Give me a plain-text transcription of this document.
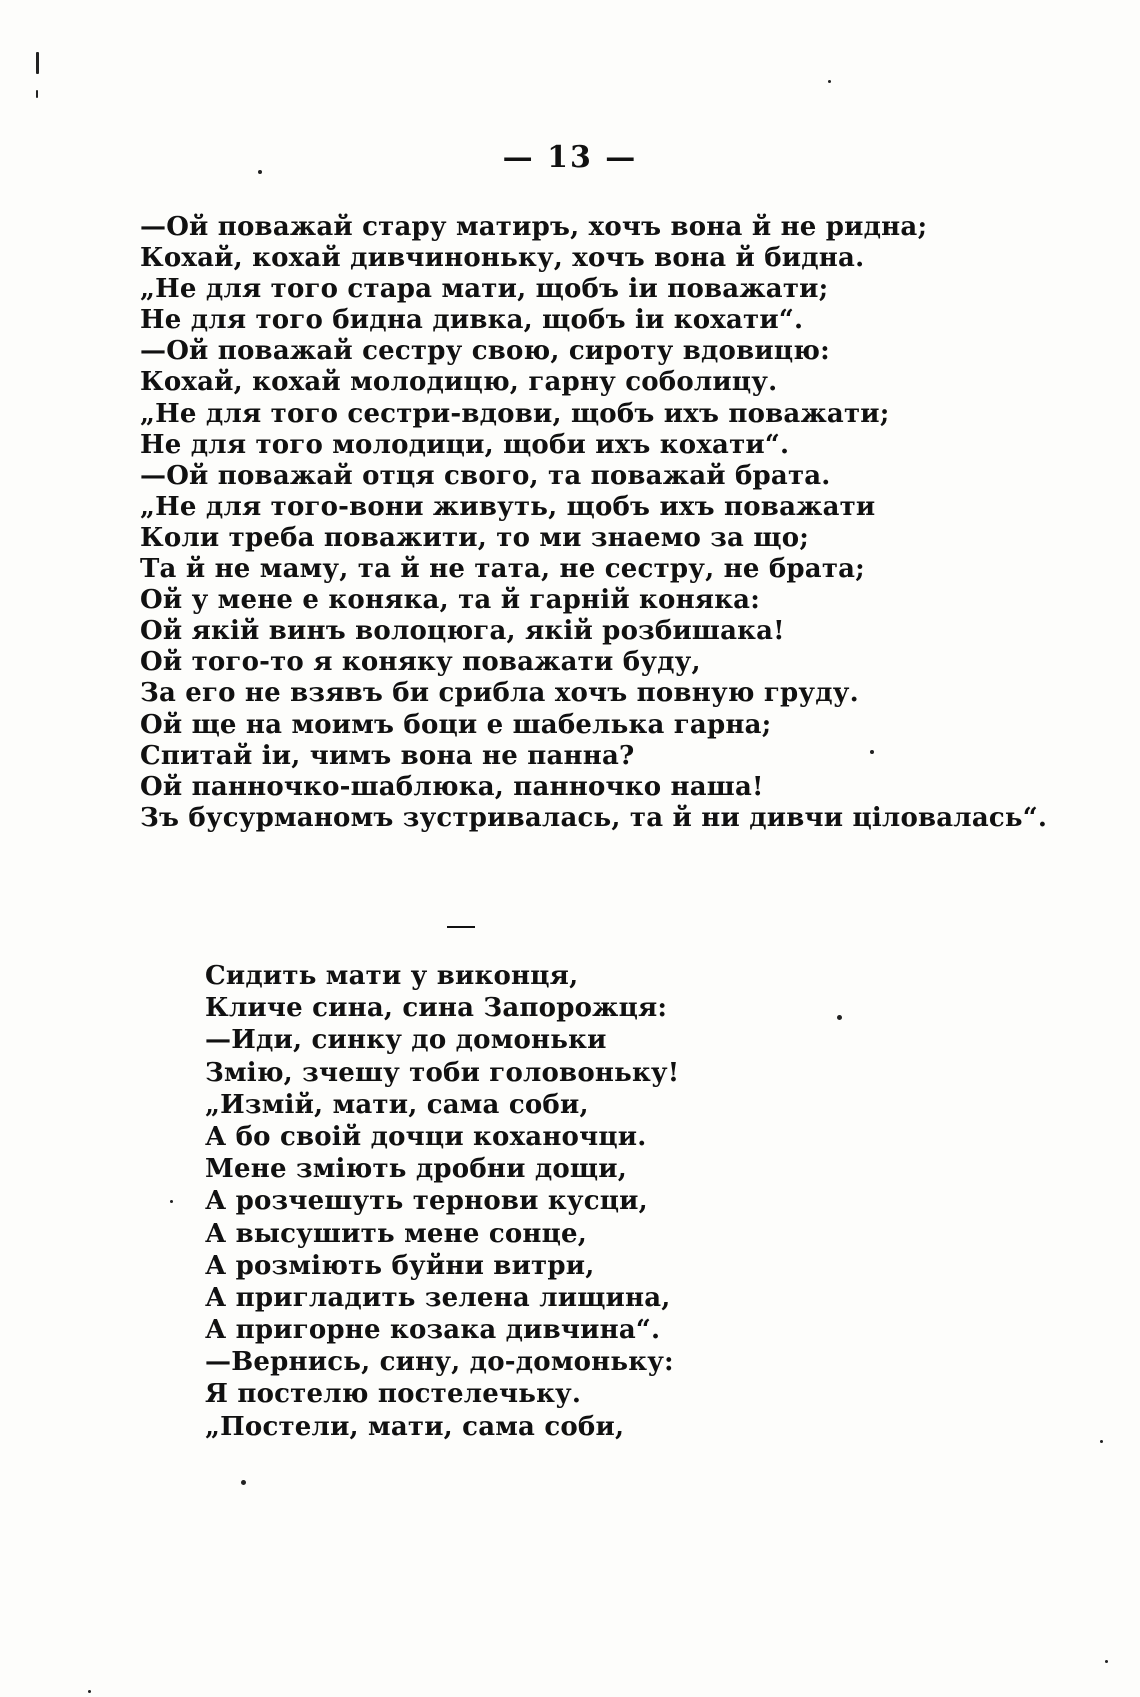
— 13 —
—Ой поважай стару матиръ, хочъ вона й не ридна;
Кохай, кохай дивчиноньку, хочъ вона й бидна.
„Не для того стара мати, щобъ іи поважати;
Не для того бидна дивка, щобъ іи кохати“.
—Ой поважай сестру свою, сироту вдовицю:
Кохай, кохай молодицю, гарну соболицу.
„Не для того сестри-вдови, щобъ ихъ поважати;
Не для того молодици, щоби ихъ кохати“.
—Ой поважай отця свого, та поважай брата.
„Не для того-вони живуть, щобъ ихъ поважати
Коли треба поважити, то ми знаемо за що;
Та й не маму, та й не тата, не сестру, не брата;
Ой у мене е коняка, та й гарній коняка:
Ой якій винъ волоцюга, якій розбишака!
Ой того-то я коняку поважати буду,
За его не взявъ би срибла хочъ повную груду.
Ой ще на моимъ боци е шабелька гарна;
Спитай іи, чимъ вона не панна?
Ой панночко-шаблюка, панночко наша!
Зъ бусурманомъ зустривалась, та й ни дивчи цiловалась“.
Сидить мати у виконця,
Кличе сина, сина Запорожця:
—Иди, синку до домоньки
Змію, зчешу тоби головоньку!
„Измій, мати, сама соби,
А бо своій дочци коханочци.
Мене зміють дробни дощи,
А розчешуть тернови кусци,
А высушить мене сонце,
А розміють буйни витри,
А пригладить зелена лищина,
А пригорне козака дивчина“.
—Вернись, сину, до-домоньку:
Я постелю постелечьку.
„Постели, мати, сама соби,
